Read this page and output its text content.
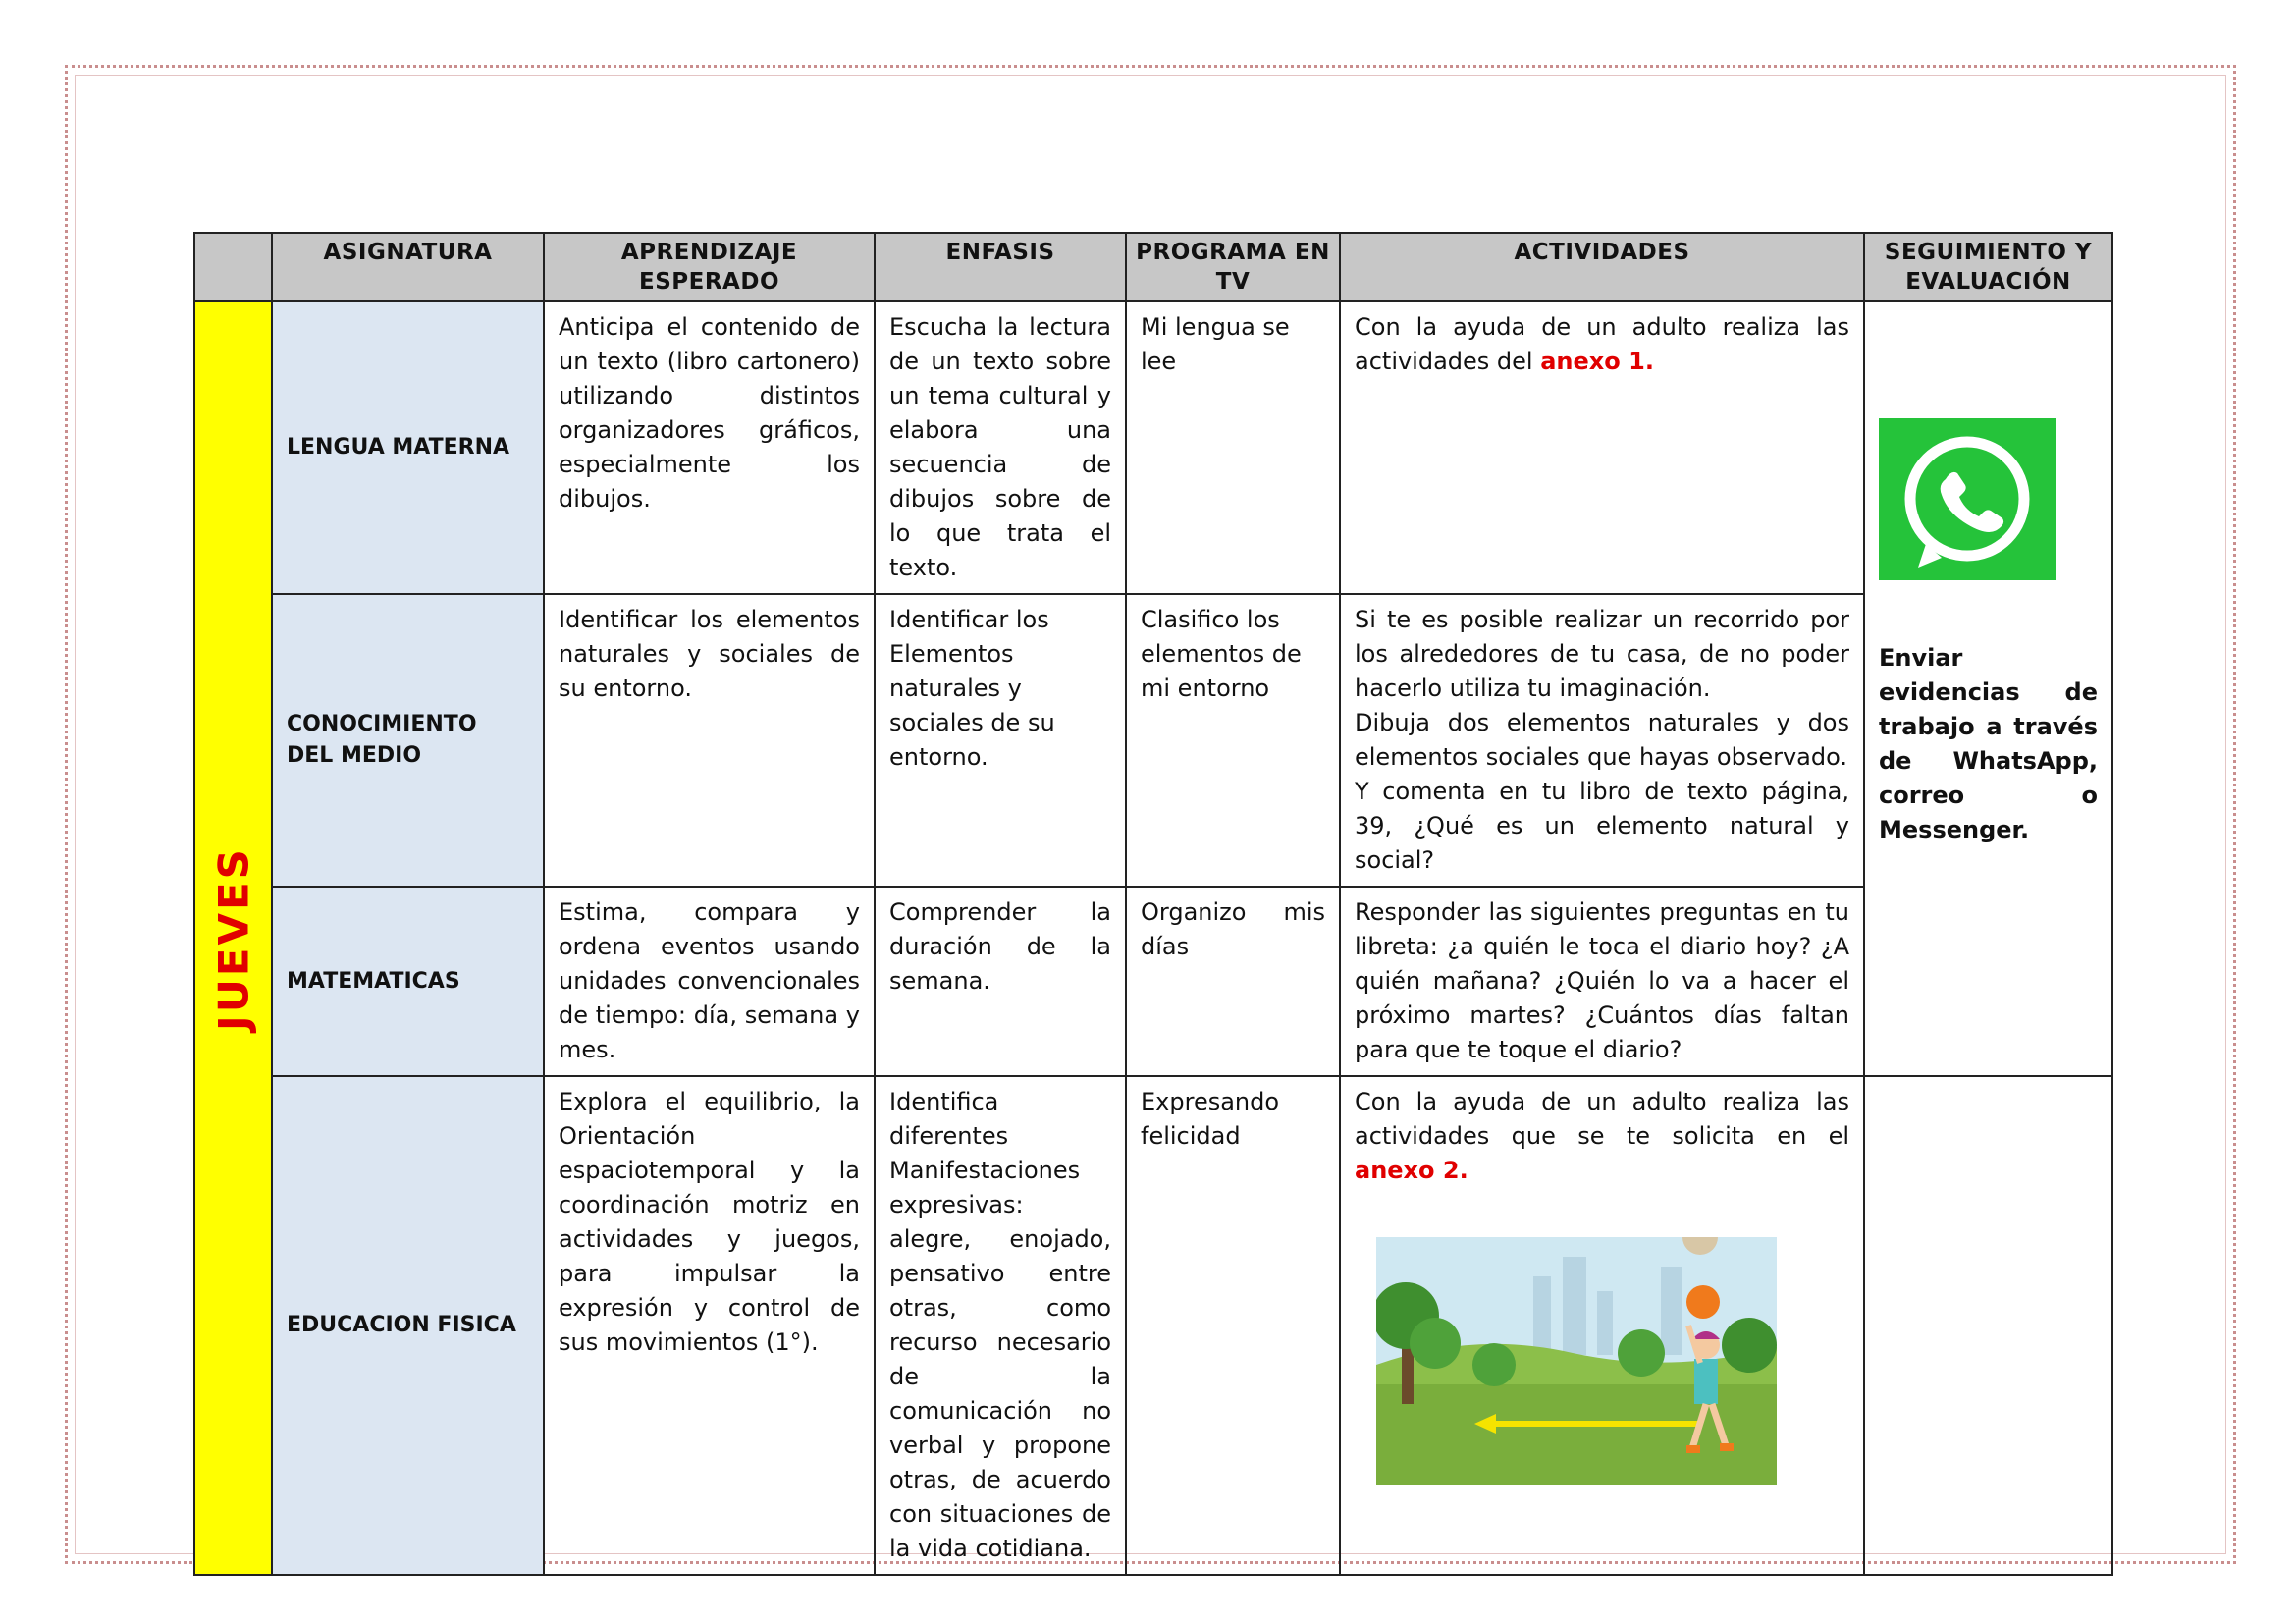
	ASIGNATURA	APRENDIZAJE ESPERADO	ENFASIS	PROGRAMA EN TV	ACTIVIDADES	SEGUIMIENTO Y EVALUACIÓN

JUEVES	LENGUA MATERNA	Anticipa el contenido de un texto (libro cartonero) utilizando distintos organizadores gráficos, especialmente los dibujos.	Escucha la lectura de un texto sobre un tema cultural y elabora una secuencia de dibujos sobre de lo que trata el texto.	Mi lengua se lee	Con la ayuda de un adulto realiza las actividades del anexo 1.	Enviar evidencias de trabajo a través de WhatsApp, correo o Messenger.

	CONOCIMIENTO DEL MEDIO	Identificar los elementos naturales y sociales de su entorno.	Identificar los Elementos naturales y sociales de su entorno.	Clasifico los elementos de mi entorno	Si te es posible realizar un recorrido por los alrededores de tu casa, de no poder hacerlo utiliza tu imaginación.
Dibuja dos elementos naturales y dos elementos sociales que hayas observado.
Y comenta en tu libro de texto página, 39, ¿Qué es un elemento natural y social?	

	MATEMATICAS	Estima, compara y ordena eventos usando unidades convencionales de tiempo: día, semana y mes.	Comprender la duración de la semana.	Organizo mis días	Responder las siguientes preguntas en tu libreta: ¿a quién le toca el diario hoy? ¿A quién mañana? ¿Quién lo va a hacer el próximo martes? ¿Cuántos días faltan para que te toque el diario?	
	EDUCACION FISICA	Explora el equilibrio, la Orientación espaciotemporal y la coordinación motriz en actividades y juegos, para impulsar la expresión y control de sus movimientos (1°).	Identifica diferentes Manifestaciones expresivas: alegre, enojado, pensativo entre otras, como recurso necesario de la comunicación no verbal y propone otras, de acuerdo con situaciones de la vida cotidiana.	Expresando felicidad	Con la ayuda de un adulto realiza las actividades que se te solicita en el anexo 2.
